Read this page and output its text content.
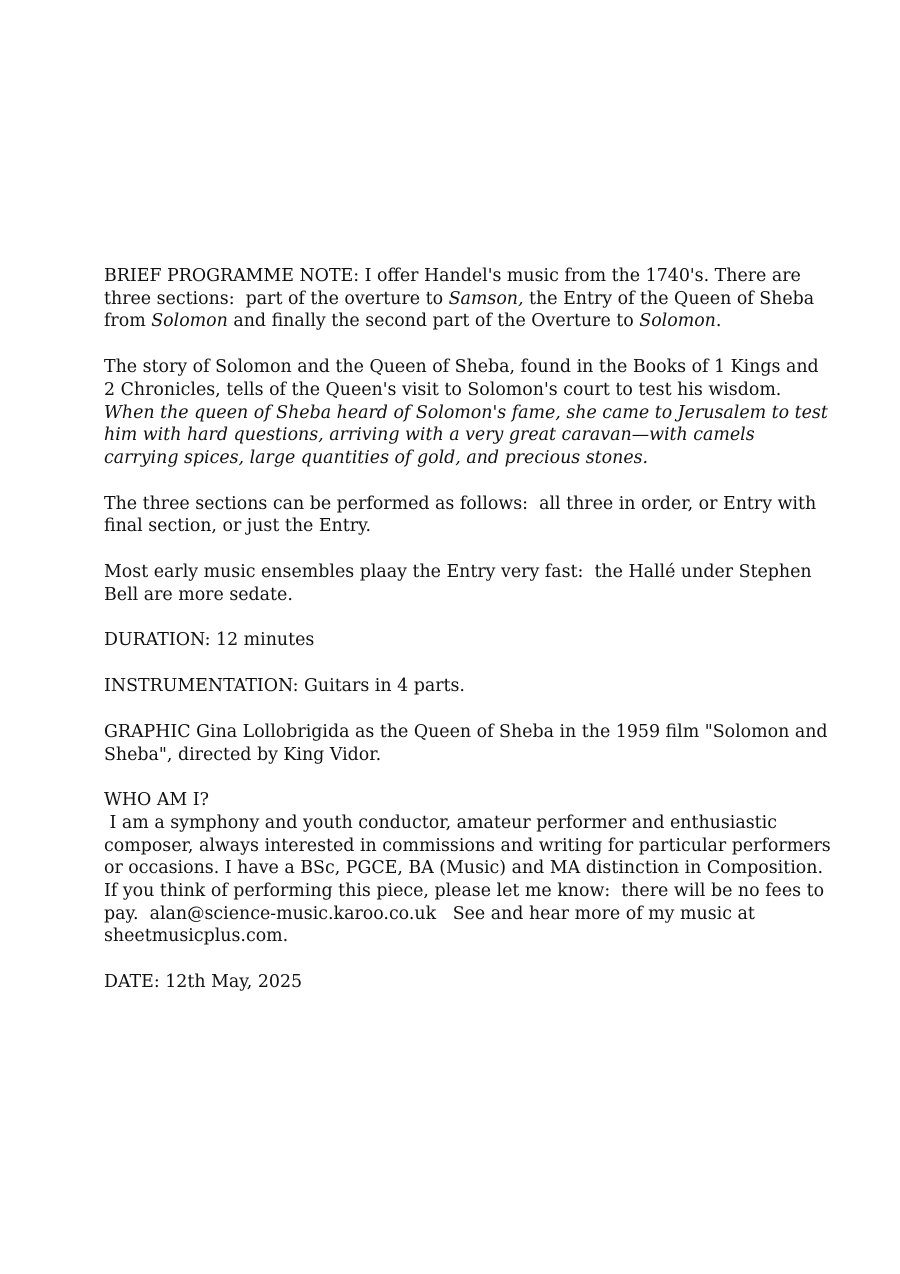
BRIEF PROGRAMME NOTE: I offer Handel's music from the 1740's. There are three sections:  part of the overture to Samson, the Entry of the Queen of Sheba from Solomon and finally the second part of the Overture to Solomon.

The story of Solomon and the Queen of Sheba, found in the Books of 1 Kings and 2 Chronicles, tells of the Queen's visit to Solomon's court to test his wisdom. When the queen of Sheba heard of Solomon's fame, she came to Jerusalem to test him with hard questions, arriving with a very great caravan—with camels carrying spices, large quantities of gold, and precious stones.

The three sections can be performed as follows:  all three in order, or Entry with final section, or just the Entry.

Most early music ensembles plaay the Entry very fast:  the Hallé under Stephen Bell are more sedate.

DURATION: 12 minutes

INSTRUMENTATION: Guitars in 4 parts.

GRAPHIC Gina Lollobrigida as the Queen of Sheba in the 1959 film "Solomon and Sheba", directed by King Vidor.

WHO AM I?

I am a symphony and youth conductor, amateur performer and enthusiastic composer, always interested in commissions and writing for particular performers or occasions. I have a BSc, PGCE, BA (Music) and MA distinction in Composition.  If you think of performing this piece, please let me know:  there will be no fees to pay.  alan@science-music.karoo.co.uk   See and hear more of my music at sheetmusicplus.com.

DATE: 12th May, 2025
